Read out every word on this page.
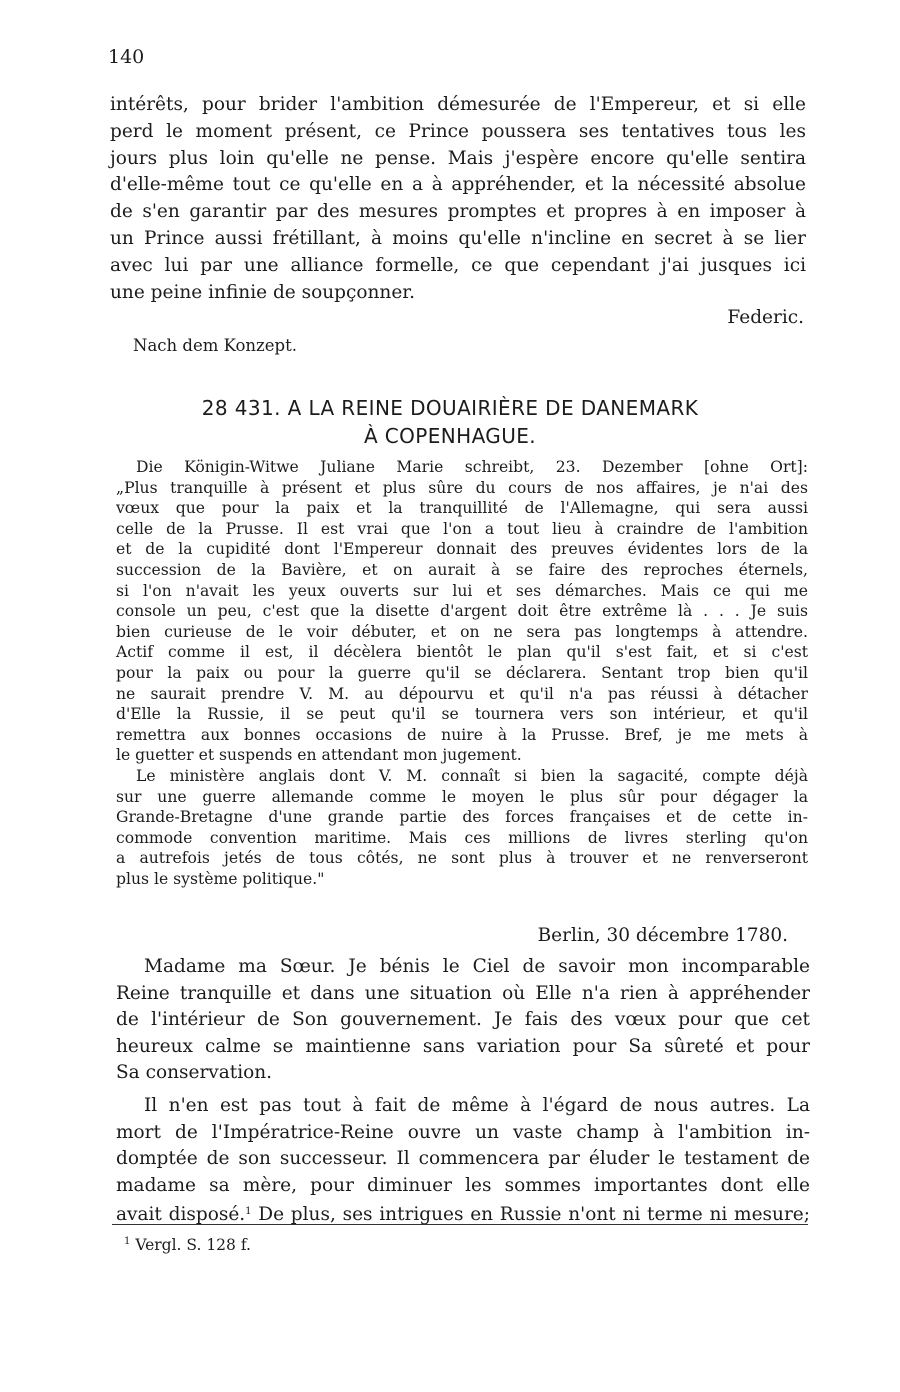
140
intérêts, pour brider l'ambition démesurée de l'Empereur, et si elle
perd le moment présent, ce Prince poussera ses tentatives tous les
jours plus loin qu'elle ne pense. Mais j'espère encore qu'elle sentira
d'elle-même tout ce qu'elle en a à appréhender, et la nécessité absolue
de s'en garantir par des mesures promptes et propres à en imposer à
un Prince aussi frétillant, à moins qu'elle n'incline en secret à se lier
avec lui par une alliance formelle, ce que cependant j'ai jusques ici
une peine infinie de soupçonner.
Federic.
Nach dem Konzept.
28 431. A LA REINE DOUAIRIÈRE DE DANEMARK
À COPENHAGUE.
Die Königin-Witwe Juliane Marie schreibt, 23. Dezember [ohne Ort]:
„Plus tranquille à présent et plus sûre du cours de nos affaires, je n'ai des
vœux que pour la paix et la tranquillité de l'Allemagne, qui sera aussi
celle de la Prusse. Il est vrai que l'on a tout lieu à craindre de l'ambition
et de la cupidité dont l'Empereur donnait des preuves évidentes lors de la
succession de la Bavière, et on aurait à se faire des reproches éternels,
si l'on n'avait les yeux ouverts sur lui et ses démarches. Mais ce qui me
console un peu, c'est que la disette d'argent doit être extrême là . . . Je suis
bien curieuse de le voir débuter, et on ne sera pas longtemps à attendre.
Actif comme il est, il décèlera bientôt le plan qu'il s'est fait, et si c'est
pour la paix ou pour la guerre qu'il se déclarera. Sentant trop bien qu'il
ne saurait prendre V. M. au dépourvu et qu'il n'a pas réussi à détacher
d'Elle la Russie, il se peut qu'il se tournera vers son intérieur, et qu'il
remettra aux bonnes occasions de nuire à la Prusse. Bref, je me mets à
le guetter et suspends en attendant mon jugement.
Le ministère anglais dont V. M. connaît si bien la sagacité, compte déjà
sur une guerre allemande comme le moyen le plus sûr pour dégager la
Grande-Bretagne d'une grande partie des forces françaises et de cette in-
commode convention maritime. Mais ces millions de livres sterling qu'on
a autrefois jetés de tous côtés, ne sont plus à trouver et ne renverseront
plus le système politique."
Berlin, 30 décembre 1780.
Madame ma Sœur. Je bénis le Ciel de savoir mon incomparable
Reine tranquille et dans une situation où Elle n'a rien à appréhender
de l'intérieur de Son gouvernement. Je fais des vœux pour que cet
heureux calme se maintienne sans variation pour Sa sûreté et pour
Sa conservation.
Il n'en est pas tout à fait de même à l'égard de nous autres. La
mort de l'Impératrice-Reine ouvre un vaste champ à l'ambition in-
domptée de son successeur. Il commencera par éluder le testament de
madame sa mère, pour diminuer les sommes importantes dont elle
avait disposé.$^1$ De plus, ses intrigues en Russie n'ont ni terme ni mesure;
$^1$ Vergl. S. 128 f.
